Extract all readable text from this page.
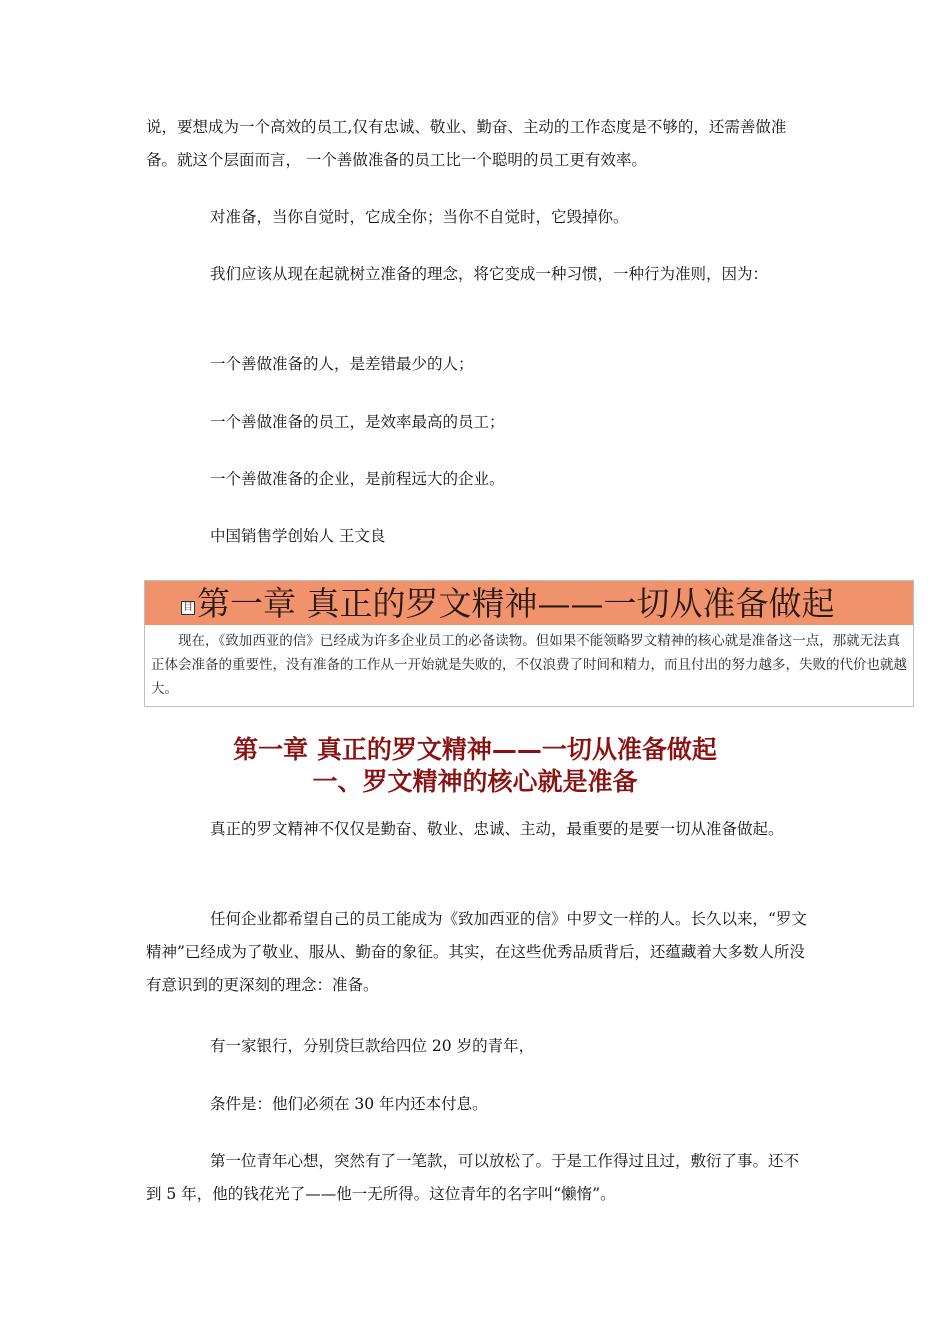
说，要想成为一个高效的员工,仅有忠诚、敬业、勤奋、主动的工作态度是不够的，还需善做准备。就这个层面而言， 一个善做准备的员工比一个聪明的员工更有效率。

对准备，当你自觉时，它成全你；当你不自觉时，它毁掉你。

我们应该从现在起就树立准备的理念，将它变成一种习惯，一种行为准则，因为：

一个善做准备的人，是差错最少的人；

一个善做准备的员工，是效率最高的员工；

一个善做准备的企业，是前程远大的企业。

中国销售学创始人 王文良

目 第一章 真正的罗文精神——一切从准备做起
现在，《致加西亚的信》已经成为许多企业员工的必备读物。但如果不能领略罗文精神的核心就是准备这一点，那就无法真正体会准备的重要性，没有准备的工作从一开始就是失败的，不仅浪费了时间和精力，而且付出的努力越多，失败的代价也就越大。
第一章 真正的罗文精神——一切从准备做起
一、罗文精神的核心就是准备

真正的罗文精神不仅仅是勤奋、敬业、忠诚、主动，最重要的是要一切从准备做起。

任何企业都希望自己的员工能成为《致加西亚的信》中罗文一样的人。长久以来，“罗文精神”已经成为了敬业、服从、勤奋的象征。其实，在这些优秀品质背后，还蕴藏着大多数人所没有意识到的更深刻的理念：准备。

有一家银行，分别贷巨款给四位 20 岁的青年，

条件是：他们必须在 30 年内还本付息。

第一位青年心想，突然有了一笔款，可以放松了。于是工作得过且过，敷衍了事。还不到 5 年，他的钱花光了——他一无所得。这位青年的名字叫“懒惰”。
